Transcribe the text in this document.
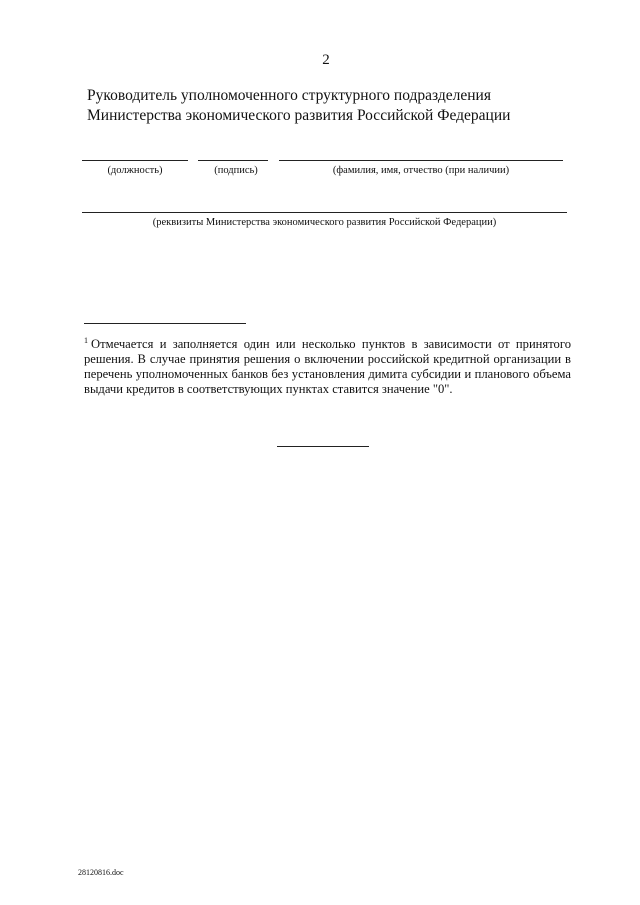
2
Руководитель уполномоченного структурного подразделения
Министерства экономического развития Российской Федерации
(должность)	(подпись)	(фамилия, имя, отчество (при наличии)
(реквизиты Министерства экономического развития Российской Федерации)
$^1$ Отмечается и заполняется один или несколько пунктов в зависимости от принятого решения. В случае принятия решения о включении российской кредитной организации в перечень уполномоченных банков без установления димита субсидии и планового объема выдачи кредитов в соответствующих пунктах ставится значение "0".
28120816.doc
